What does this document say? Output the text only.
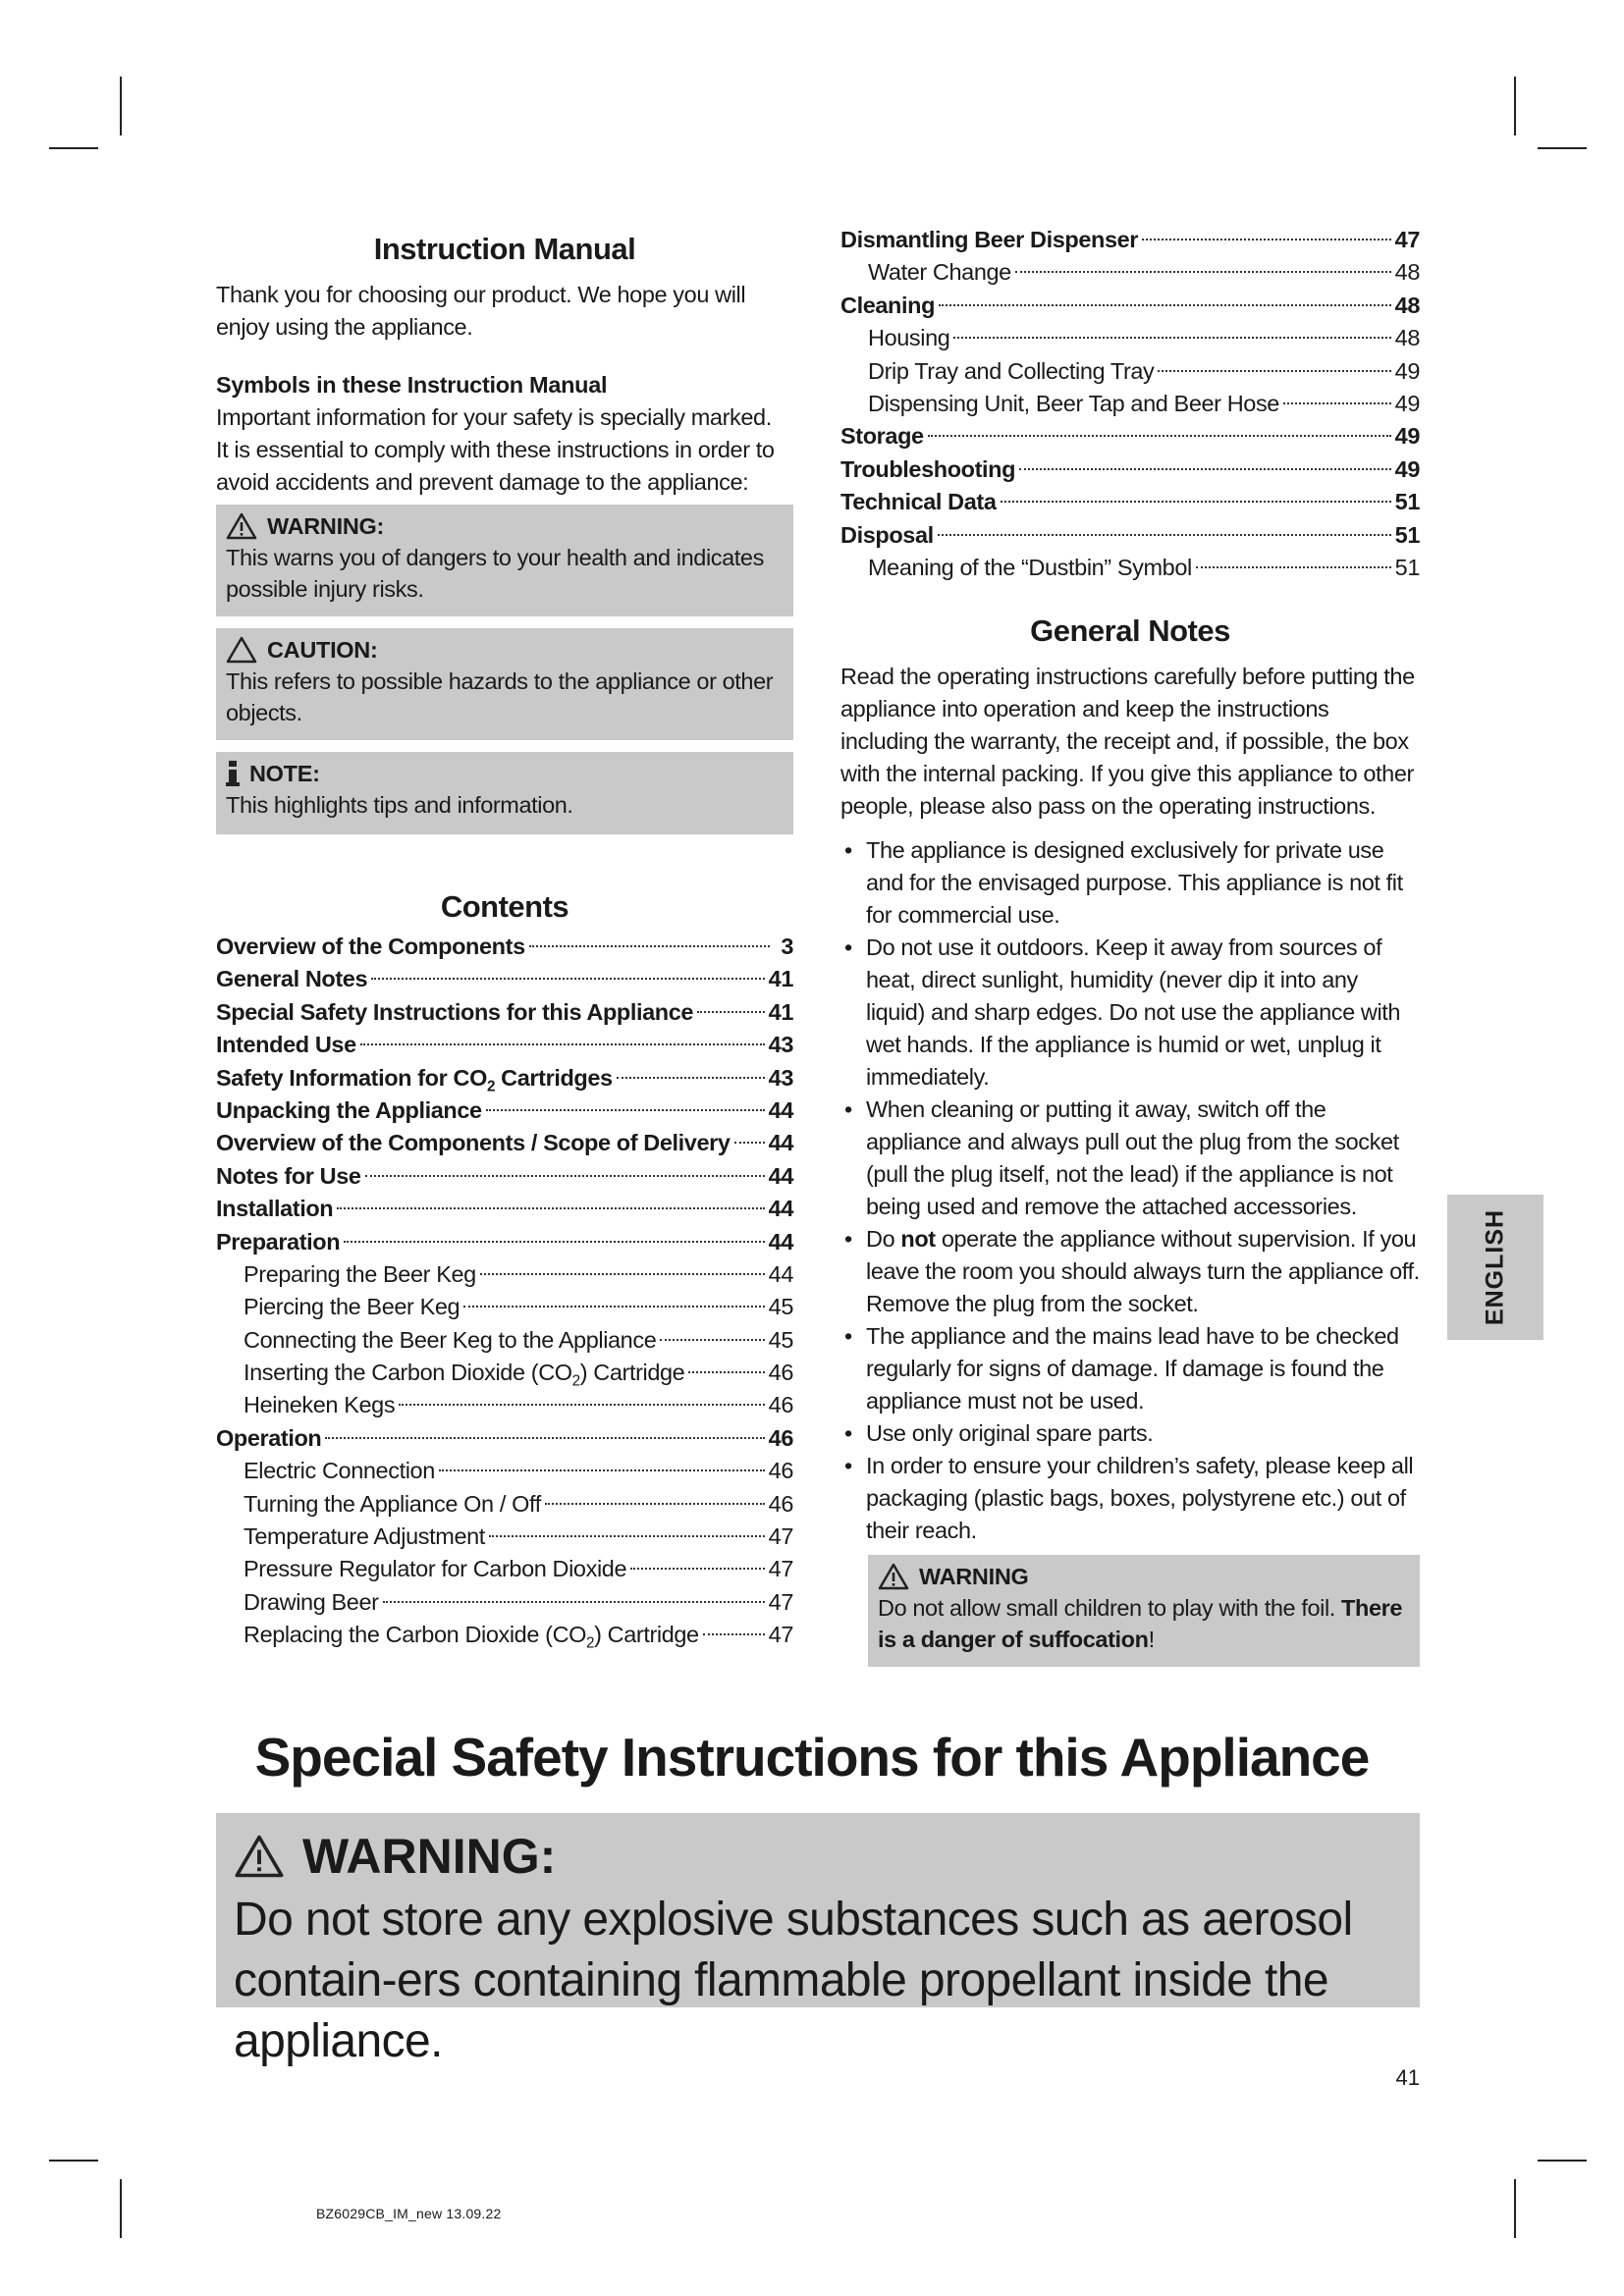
Instruction Manual

Thank you for choosing our product. We hope you will enjoy using the appliance.

Symbols in these Instruction Manual

Important information for your safety is specially marked.

It is essential to comply with these instructions in order to avoid accidents and prevent damage to the appliance:

WARNING:
This warns you of dangers to your health and indicates possible injury risks.
CAUTION:
This refers to possible hazards to the appliance or other objects.
NOTE:
This highlights tips and information.
Contents
Overview of the Components	3
General Notes	41
Special Safety Instructions for this Appliance	41
Intended Use	43
Safety Information for $CO_2$ Cartridges	43
Unpacking the Appliance	44
Overview of the Components / Scope of Delivery 44
Notes for Use	44
Installation	44
Preparation	44
Preparing the Beer Keg	44
Piercing the Beer Keg	45
Connecting the Beer Keg to the Appliance	45
Inserting the Carbon Dioxide $(CO_2)$ Cartridge	46
Heineken Kegs	46
Operation	46
Electric Connection	46
Turning the Appliance On / Off	46
Temperature Adjustment	47
Pressure Regulator for Carbon Dioxide	47
Drawing Beer	47
Replacing the Carbon Dioxide $(CO_2)$ Cartridge	47
Dismantling Beer Dispenser	47
Water Change	48
Cleaning	48
Housing	48
Drip Tray and Collecting Tray	49
Dispensing Unit, Beer Tap and Beer Hose	49
Storage	49
Troubleshooting	49
Technical Data	51
Disposal	51
Meaning of the “Dustbin” Symbol	51
General Notes

Read the operating instructions carefully before putting the appliance into operation and keep the instructions including the warranty, the receipt and, if possible, the box with the internal packing. If you give this appliance to other people, please also pass on the operating instructions.

• The appliance is designed exclusively for private use and for the envisaged purpose. This appliance is not fit for commercial use.
• Do not use it outdoors. Keep it away from sources of heat, direct sunlight, humidity (never dip it into any liquid) and sharp edges. Do not use the appliance with wet hands. If the appliance is humid or wet, unplug it immediately.
• When cleaning or putting it away, switch off the appliance and always pull out the plug from the socket (pull the plug itself, not the lead) if the appliance is not being used and remove the attached accessories.
• Do not operate the appliance without supervision. If you leave the room you should always turn the appliance off. Remove the plug from the socket.
• The appliance and the mains lead have to be checked regularly for signs of damage. If damage is found the appliance must not be used.
• Use only original spare parts.
• In order to ensure your children’s safety, please keep all packaging (plastic bags, boxes, polystyrene etc.) out of their reach.
WARNING
Do not allow small children to play with the foil. There is a danger of suffocation!
ENGLISH
Special Safety Instructions for this Appliance
WARNING:
Do not store any explosive substances such as aerosol contain-ers containing flammable propellant inside the appliance.
41
BZ6029CB_IM_new 13.09.22
